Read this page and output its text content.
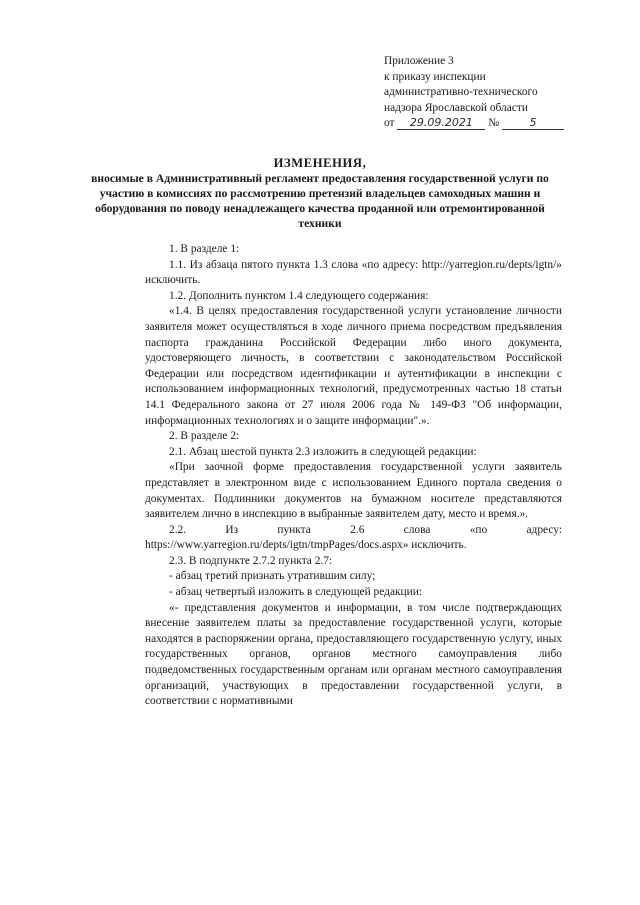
Приложение 3
к приказу инспекции
административно-технического
надзора Ярославской области
от 29.09.2021 №	5
ИЗМЕНЕНИЯ,
вносимые в Административный регламент предоставления государственной услуги по участию в комиссиях по рассмотрению претензий владельцев самоходных машин и оборудования по поводу ненадлежащего качества проданной или отремонтированной техники

1. В разделе 1:

1.1. Из абзаца пятого пункта 1.3 слова «по адресу: http://yarregion.ru/depts/igtn/» исключить.

1.2. Дополнить пунктом 1.4 следующего содержания:

«1.4. В целях предоставления государственной услуги установление личности заявителя может осуществляться в ходе личного приема посредством предъявления паспорта гражданина Российской Федерации либо иного документа, удостоверяющего личность, в соответствии с законодательством Российской Федерации или посредством идентификации и аутентификации в инспекции с использованием информационных технологий, предусмотренных частью 18 статьи 14.1 Федерального закона от 27 июля 2006 года № 149-ФЗ "Об информации, информационных технологиях и о защите информации".».

2. В разделе 2:

2.1. Абзац шестой пункта 2.3 изложить в следующей редакции:

«При заочной форме предоставления государственной услуги заявитель представляет в электронном виде с использованием Единого портала сведения о документах. Подлинники документов на бумажном носителе представляются заявителем лично в инспекцию в выбранные заявителем дату, место и время.».

2.2. Из пункта 2.6 слова «по адресу: https://www.yarregion.ru/depts/igtn/tmpPages/docs.aspx» исключить.

2.3. В подпункте 2.7.2 пункта 2.7:

- абзац третий признать утратившим силу;

- абзац четвертый изложить в следующей редакции:

«- представления документов и информации, в том числе подтверждающих внесение заявителем платы за предоставление государственной услуги, которые находятся в распоряжении органа, предоставляющего государственную услугу, иных государственных органов, органов местного самоуправления либо подведомственных государственным органам или органам местного самоуправления организаций, участвующих в предоставлении государственной услуги, в соответствии с нормативными
